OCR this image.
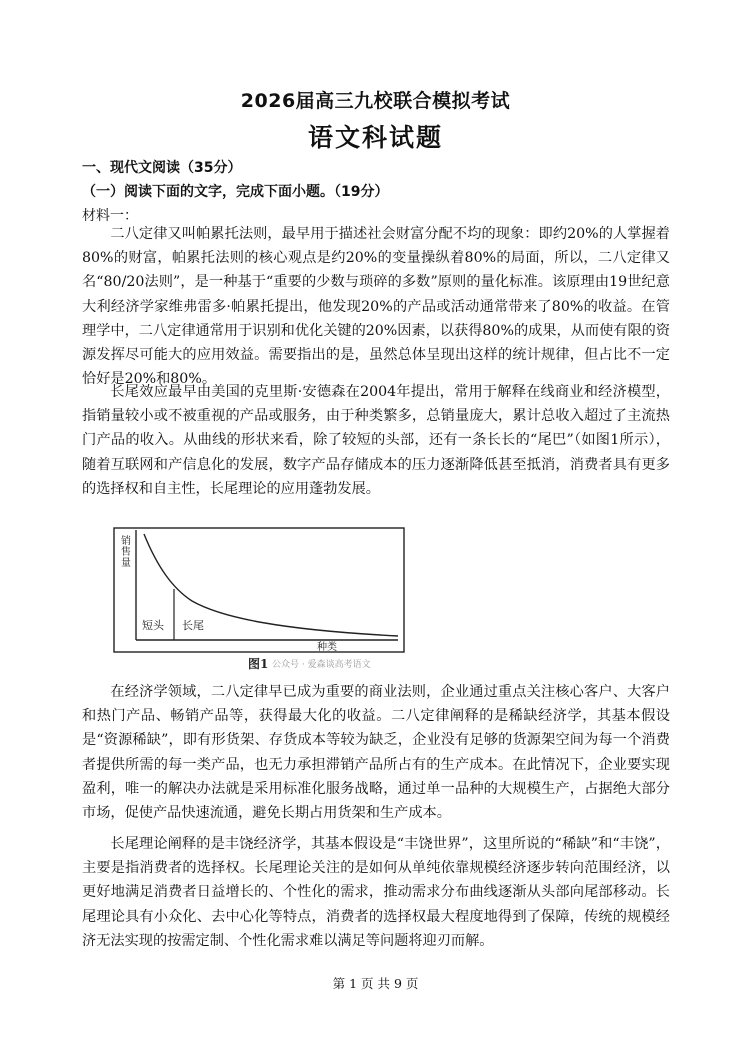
2026届高三九校联合模拟考试
语文科试题
一、现代文阅读（35分）
（一）阅读下面的文字，完成下面小题。（19分）
材料一：

二八定律又叫帕累托法则，最早用于描述社会财富分配不均的现象：即约20%的人掌握着80%的财富，帕累托法则的核心观点是约20%的变量操纵着80%的局面，所以，二八定律又名“80/20法则”，是一种基于“重要的少数与琐碎的多数”原则的量化标准。该原理由19世纪意大利经济学家维弗雷多·帕累托提出，他发现20%的产品或活动通常带来了80%的收益。在管理学中，二八定律通常用于识别和优化关键的20%因素，以获得80%的成果，从而使有限的资源发挥尽可能大的应用效益。需要指出的是，虽然总体呈现出这样的统计规律，但占比不一定恰好是20%和80%。

长尾效应最早由美国的克里斯·安德森在2004年提出，常用于解释在线商业和经济模型，指销量较小或不被重视的产品或服务，由于种类繁多，总销量庞大，累计总收入超过了主流热门产品的收入。从曲线的形状来看，除了较短的头部，还有一条长长的“尾巴”（如图1所示），随着互联网和产信息化的发展，数字产品存储成本的压力逐渐降低甚至抵消，消费者具有更多的选择权和自主性，长尾理论的应用蓬勃发展。

销 售 量
短头 长尾
种类
图1 公众号 · 爱森谈高考语文

在经济学领域，二八定律早已成为重要的商业法则，企业通过重点关注核心客户、大客户和热门产品、畅销产品等，获得最大化的收益。二八定律阐释的是稀缺经济学，其基本假设是“资源稀缺”，即有形货架、存货成本等较为缺乏，企业没有足够的货源架空间为每一个消费者提供所需的每一类产品，也无力承担滞销产品所占有的生产成本。在此情况下，企业要实现盈利，唯一的解决办法就是采用标准化服务战略，通过单一品种的大规模生产，占据绝大部分市场，促使产品快速流通，避免长期占用货架和生产成本。

长尾理论阐释的是丰饶经济学，其基本假设是“丰饶世界”，这里所说的“稀缺”和“丰饶”，主要是指消费者的选择权。长尾理论关注的是如何从单纯依靠规模经济逐步转向范围经济，以更好地满足消费者日益增长的、个性化的需求，推动需求分布曲线逐渐从头部向尾部移动。长尾理论具有小众化、去中心化等特点，消费者的选择权最大程度地得到了保障，传统的规模经济无法实现的按需定制、个性化需求难以满足等问题将迎刃而解。

第 1 页 共 9 页
